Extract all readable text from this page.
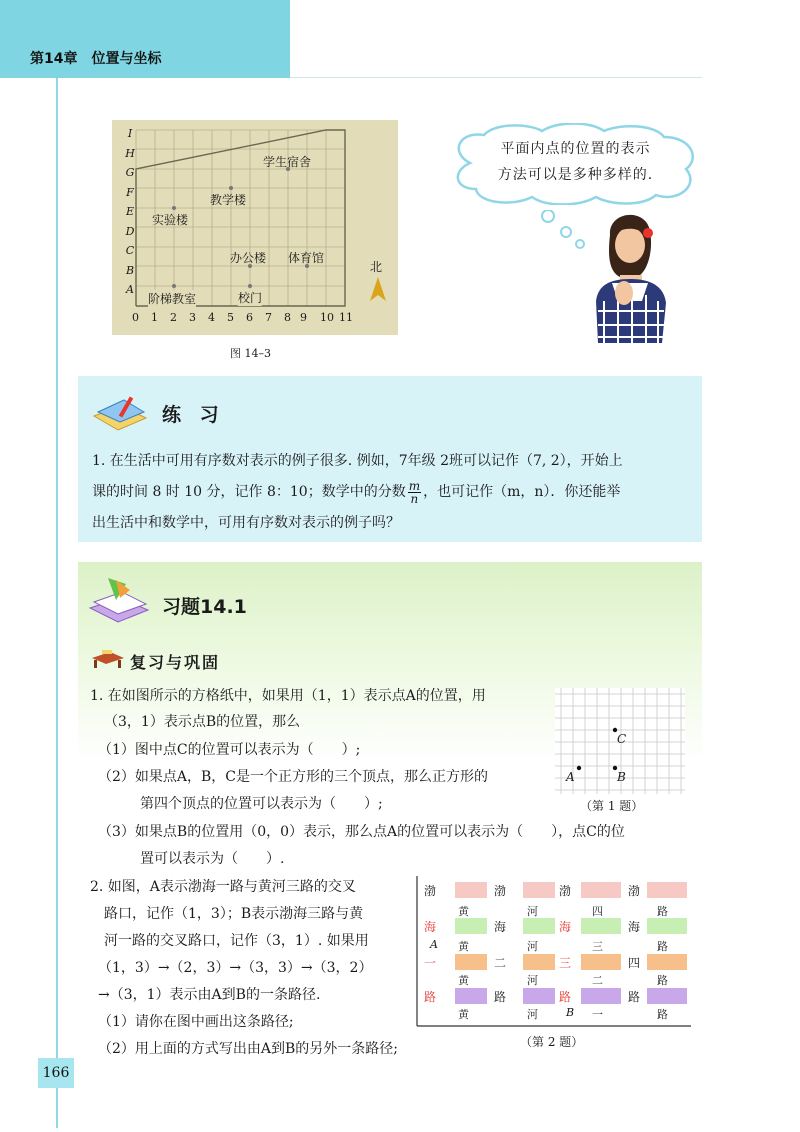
第14章　 位置与坐标
I
H
G
F
E
D
C
B
A
0 1 2 3 4 5 6 7 8 9 10 11
学生宿舍
教学楼
实验楼
办公楼 体育馆
阶梯教室	校门
北
图 14–3
平面内点的位置的表示
方法可以是多种多样的.
练 习
1. 在生活中可用有序数对表示的例子很多. 例如，7年级 2班可以记作（7, 2），开始上
课的时间 8 时 10 分，记作 8：10；数学中的分数 $\frac{m}{n}$ ，也可记作（m，n）．你还能举
出生活中和数学中，可用有序数对表示的例子吗？
习题14.1
复习与巩固
1. 在如图所示的方格纸中，如果用（1，1）表示点A的位置，用
（3，1）表示点B的位置，那么
（1）图中点C的位置可以表示为（　　）;
（2）如果点A，B，C是一个正方形的三个顶点，那么正方形的
第四个顶点的位置可以表示为（　　）;
（3）如果点B的位置用（0，0）表示，那么点A的位置可以表示为（　　），点C的位
置可以表示为（　　）.
C
A	B
（第 1 题）
2. 如图，A表示渤海一路与黄河三路的交叉
路口，记作（1，3）；B表示渤海三路与黄
河一路的交叉路口，记作（3，1）. 如果用
（1，3）→（2，3）→（3，3）→（3，2）
→（3，1）表示由A到B的一条路径.
（1）请你在图中画出这条路径;
（2）用上面的方式写出由A到B的另外一条路径;
渤	渤	渤	渤
海
一
路
海
二
路
海
三
路
海
四
路
黄	河	四	路
黄	河	三	路
黄	河	二	路
黄	河	一	路
A
B
（第 2 题）
166
